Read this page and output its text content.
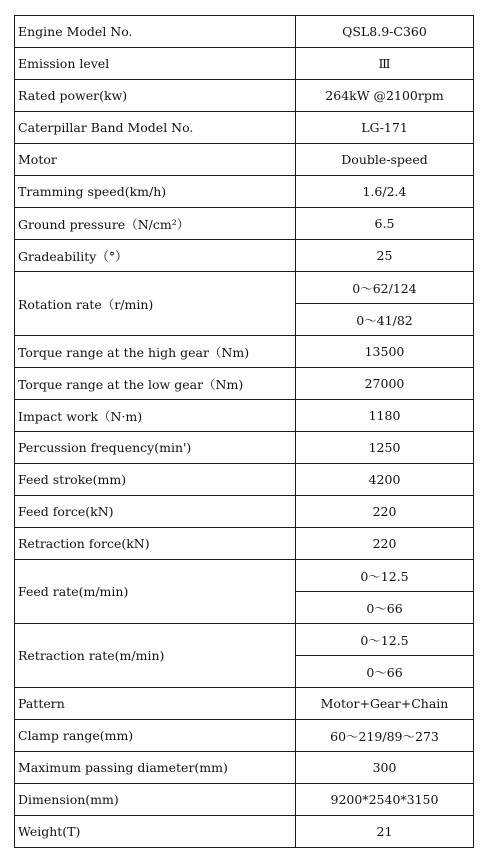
Engine Model No.	QSL8.9-C360
Emission level	Ⅲ
Rated power(kw)	264kW @2100rpm
Caterpillar Band Model No.	LG-171
Motor	Double-speed
Tramming speed(km/h)	1.6/2.4
Ground pressure（N/cm²）	6.5
Gradeability（°）	25
Rotation rate（r/min)	0～62/124
	0～41/82
Torque range at the high gear（Nm)	13500
Torque range at the low gear（Nm)	27000
Impact work（N·m)	1180
Percussion frequency(min')	1250
Feed stroke(mm)	4200
Feed force(kN)	220
Retraction force(kN)	220
Feed rate(m/min)	0～12.5
	0～66
Retraction rate(m/min)	0～12.5
	0～66
Pattern	Motor+Gear+Chain
Clamp range(mm)	60～219/89～273
Maximum passing diameter(mm)	300
Dimension(mm)	9200*2540*3150
Weight(T)	21
